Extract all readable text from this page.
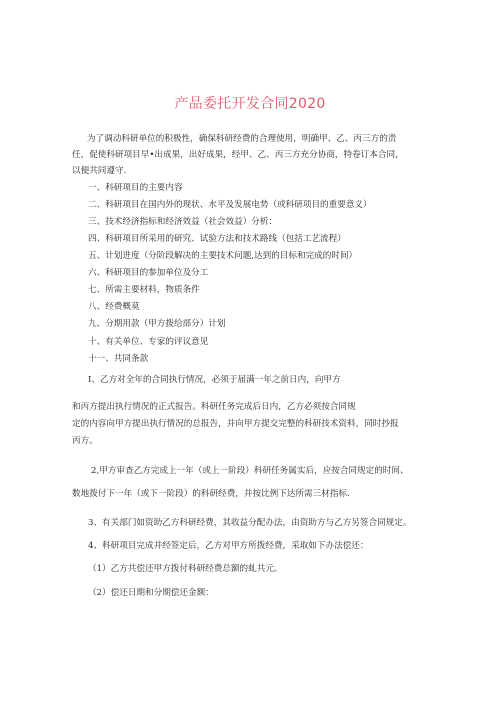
产品委托开发合同2020
为了调动科研单位的积极性，确保科研经费的合理使用，明确甲、乙、丙三方的责
任，促使科研项目早•出成果，出好成果，经甲、乙、丙三方充分协商，特卷订本合同，
以便共同遵守.
一、科研项目的主要内容
二、科研项目在国内外的现状、水平及发展电势（或科研项目的重要意义）
三、技术经济指标和经济效益（社会效益）分析：
四、科研项目所采用的研究、试验方法和技术路线（包括工艺流程）
五、计划进度（分阶段解决的主要技术问题,达到的目标和完成的时间）
六、科研项目的参加单位及分工
七、所需主要材料，物质条件
八、经费概莫
九、分期用款（甲方拨给部分）计划
十、有关单位、专家的评议意见
十一、共同条款
I、乙方对全年的合同执行情况，必须于届满一年之前日内，向甲方
和丙方提出执行情况的正式报告。科研任务完成后日内，乙方必须按合同规
定的内容向甲方提出执行情况的总报告，并向甲方提交完整的科研技术资料，同时抄报
丙方。
2,甲方审查乙方完成上一年（或上一阶段）科研任务属实后，应按合同规定的时间、
数地拨付下一年（或下一阶段）的科研经费，并按比例下达所需三材指标.
3、有关部门如资助乙方科研经费，其收益分配办法，由资助方与乙方另签合同规定。
4、科研项目完成并经签定后，乙方对甲方所拨经费，采取如下办法偿还：
（1）乙方共偿还甲方拨付科研经费总额的虬共元。
（2）偿还日期和分期偿还金额：
